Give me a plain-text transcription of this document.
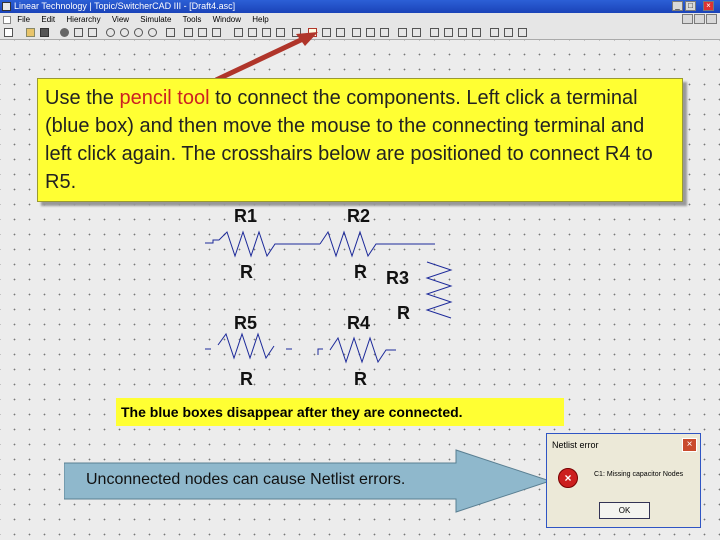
Linear Technology | Topic/SwitcherCAD III - [Draft4.asc]	_	□	×
File Edit Hierarchy View Simulate Tools Window Help
Use the pencil tool to connect the components. Left click a terminal (blue box) and then move the mouse to the connecting terminal and left click again. The crosshairs below are positioned to connect R4 to R5.
R1	R2
R	R R3
R
R5	R4
R	R
The blue boxes disappear after they are connected.
Unconnected nodes can cause Netlist errors.
Netlist error	×
×	C1: Missing capacitor Nodes
OK
